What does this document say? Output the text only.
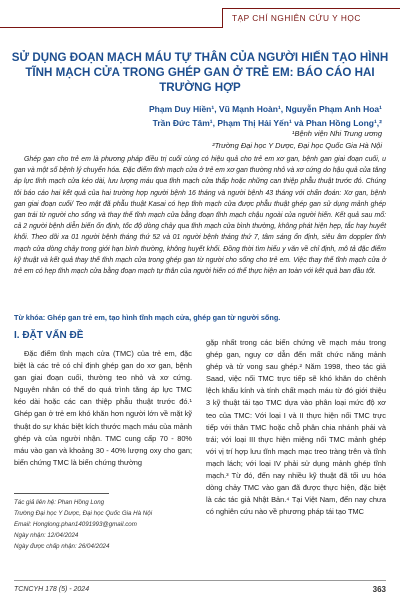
TẠP CHÍ NGHIÊN CỨU Y HỌC
SỬ DỤNG ĐOẠN MẠCH MÁU TỰ THÂN CỦA NGƯỜI HIẾN TẠO HÌNH TĨNH MẠCH CỬA TRONG GHÉP GAN Ở TRẺ EM: BÁO CÁO HAI TRƯỜNG HỢP
Phạm Duy Hiền¹, Vũ Mạnh Hoàn¹, Nguyễn Phạm Anh Hoa¹
Trần Đức Tâm¹, Phạm Thị Hải Yến¹ và Phan Hồng Long¹,²
¹Bệnh viện Nhi Trung ương
²Trường Đại học Y Dược, Đại học Quốc Gia Hà Nội

Ghép gan cho trẻ em là phương pháp điều trị cuối cùng có hiệu quả cho trẻ em xơ gan, bệnh gan giai đoạn cuối, u gan và một số bệnh lý chuyển hóa. Đặc điểm tĩnh mạch cửa ở trẻ em xơ gan thường nhỏ và xơ cứng do hậu quả của tăng áp lực tĩnh mạch cửa kéo dài, lưu lượng máu qua tĩnh mạch cửa thấp hoặc những can thiệp phẫu thuật trước đó. Chúng tôi báo cáo hai kết quả của hai trường hợp người bệnh 16 tháng và người bệnh 43 tháng với chẩn đoán: Xơ gan, bệnh gan giai đoạn cuối/ Teo mật đã phẫu thuật Kasai có hẹp tĩnh mạch cửa được phẫu thuật ghép gan sử dụng mảnh ghép gan trái từ người cho sống và thay thế tĩnh mạch cửa bằng đoạn tĩnh mạch chậu ngoài của người hiến. Kết quả sau mổ: cả 2 người bệnh diễn biến ổn định, tốc độ dòng chảy qua tĩnh mạch cửa bình thường, không phát hiện hẹp, tắc hay huyết khối. Theo dõi xa 01 người bệnh tháng thứ 52 và 01 người bệnh tháng thứ 7, tâm sáng ổn định, siêu âm doppler tĩnh mạch cửa dòng chảy trong giới hạn bình thường, không huyết khối. Đồng thời tìm hiểu y văn về chỉ định, mô tả đặc điểm kỹ thuật và kết quả thay thế tĩnh mạch cửa trong ghép gan từ người cho sống cho trẻ em. Việc thay thế tĩnh mạch cửa ở trẻ em có hẹp tĩnh mạch cửa bằng đoạn mạch tự thân của người hiến có thể thực hiện an toàn với kết quả ban đầu tốt.

Từ khóa: Ghép gan trẻ em, tạo hình tĩnh mạch cửa, ghép gan từ người sống.
I. ĐẶT VẤN ĐỀ
Đặc điểm tĩnh mạch cửa (TMC) của trẻ em, đặc biệt là các trẻ có chỉ định ghép gan do xơ gan, bệnh gan giai đoạn cuối, thường teo nhỏ và xơ cứng. Nguyên nhân có thể do quá trình tăng áp lực TMC kéo dài hoặc các can thiệp phẫu thuật trước đó.¹ Ghép gan ở trẻ em khó khăn hơn người lớn về mặt kỹ thuật do sự khác biệt kích thước mạch máu của mảnh ghép và của người nhận. TMC cung cấp 70 - 80% máu vào gan và khoảng 30 - 40% lượng oxy cho gan; biến chứng TMC là biến chứng thường
gặp nhất trong các biến chứng về mạch máu trong ghép gan, nguy cơ dẫn đến mất chức năng mảnh ghép và tử vong sau ghép.² Năm 1998, theo tác giả Saad, việc nối TMC trực tiếp sẽ khó khăn do chênh lệch khẩu kính và tính chất mạch máu từ đó giới thiệu 3 kỹ thuật tái tạo TMC dựa vào phân loại mức độ xơ teo của TMC: Với loại I và II thực hiện nối TMC trực tiếp với thân TMC hoặc chỗ phân chia nhánh phải và trái; với loại III thực hiện miệng nối TMC mảnh ghép với vị trí hợp lưu tĩnh mạch mạc treo tràng trên và tĩnh mạch lách; với loại IV phải sử dụng mảnh ghép tĩnh mạch.³ Từ đó, đến nay nhiều kỹ thuật đã tối ưu hóa dòng chảy TMC vào gan đã được thực hiện, đặc biệt là các tác giả Nhật Bản.⁴ Tại Việt Nam, đến nay chưa có nghiên cứu nào về phương pháp tái tạo TMC
Tác giả liên hệ: Phan Hồng Long
Trường Đại học Y Dược, Đại học Quốc Gia Hà Nội
Email: Honglong.phan14091993@gmail.com
Ngày nhận: 12/04/2024
Ngày được chấp nhận: 26/04/2024
TCNCYH 178 (5) - 2024	363
